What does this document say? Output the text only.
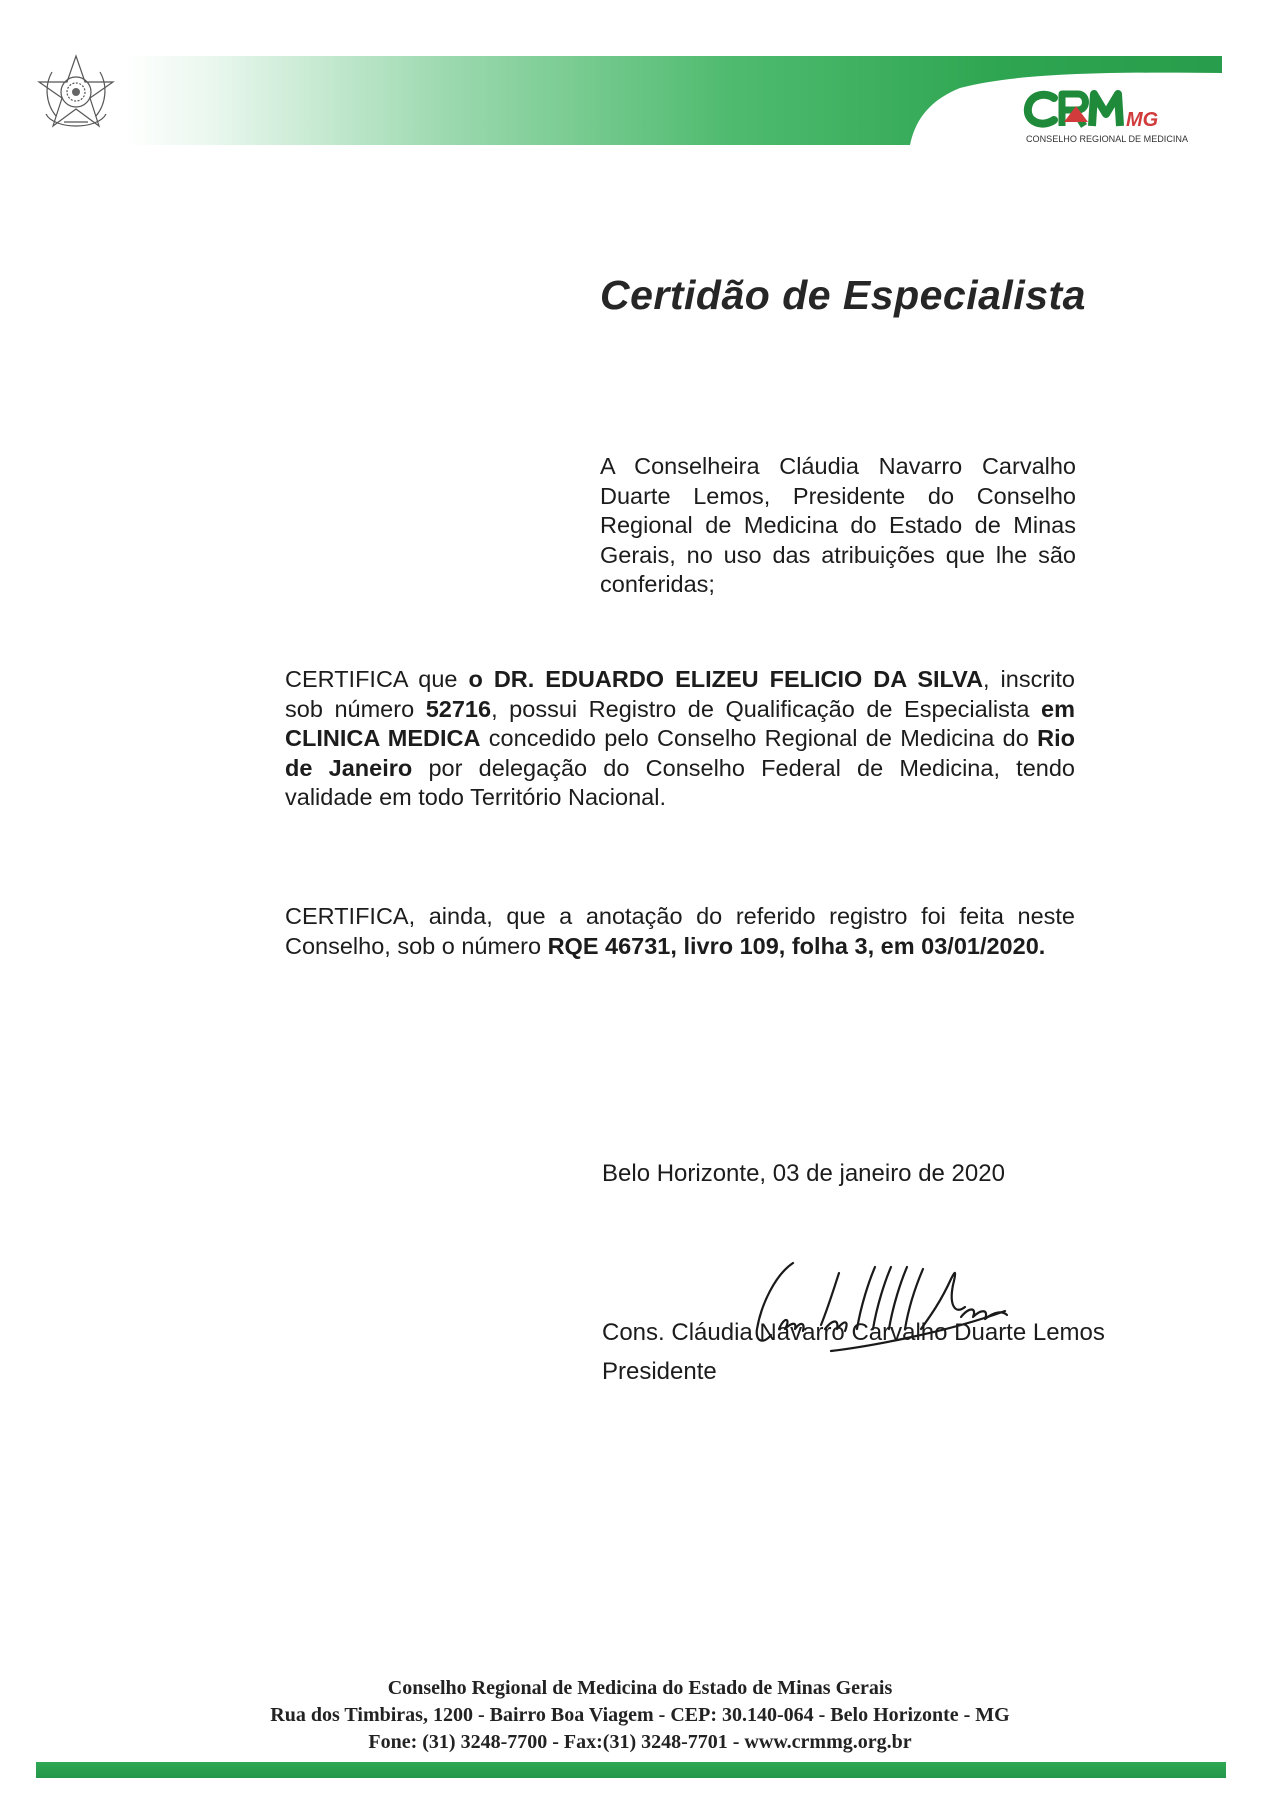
MG
CONSELHO REGIONAL DE MEDICINA
Certidão de Especialista
A Conselheira Cláudia Navarro Carvalho Duarte Lemos, Presidente do Conselho Regional de Medicina do Estado de Minas Gerais, no uso das atribuições que lhe são conferidas;
CERTIFICA que o DR. EDUARDO ELIZEU FELICIO DA SILVA, inscrito sob número 52716, possui Registro de Qualificação de Especialista em CLINICA MEDICA concedido pelo Conselho Regional de Medicina do Rio de Janeiro por delegação do Conselho Federal de Medicina, tendo validade em todo Território Nacional.
CERTIFICA, ainda, que a anotação do referido registro foi feita neste Conselho, sob o número RQE 46731, livro 109, folha 3, em 03/01/2020.
Belo Horizonte, 03 de janeiro de 2020
Cons. Cláudia Navarro Carvalho Duarte Lemos
Presidente
Conselho Regional de Medicina do Estado de Minas Gerais
Rua dos Timbiras, 1200 - Bairro Boa Viagem - CEP: 30.140-064 - Belo Horizonte - MG
Fone: (31) 3248-7700 - Fax:(31) 3248-7701 - www.crmmg.org.br
